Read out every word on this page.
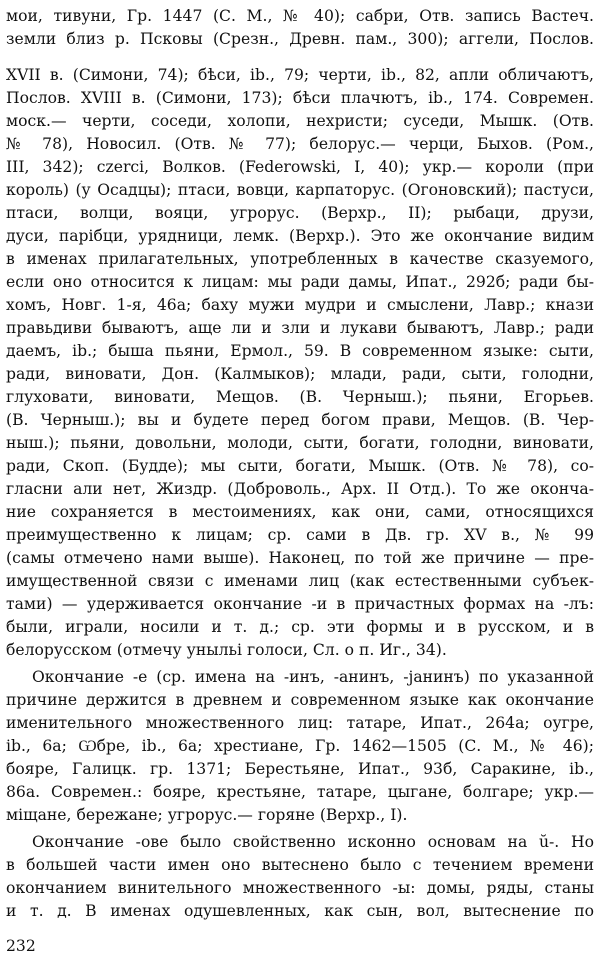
мои, тивуни, Гр. 1447 (С. М., № 40); сабри, Отв. запись Вастеч.
земли близ р. Псковы (Срезн., Древн. пам., 300); аггели, Послов.
XVII в. (Симони, 74); бѣси, ib., 79; черти, ib., 82, апли обличаютъ,
Послов. XVIII в. (Симони, 173); бѣси плачютъ, ib., 174. Современ.
моск.— черти, соседи, холопи, нехристи; суседи, Мышк. (Отв.
№ 78), Новосил. (Отв. № 77); белорус.— черци, Быхов. (Ром.,
III, 342); czerci, Волков. (Federowski, I, 40); укр.— короли (при
король) (у Осадцы); птаси, вовци, карпаторус. (Огоновский); пастуси,
птаси, волци, вояци, угрорус. (Верхр., II); рыбаци, друзи,
дуси, парібци, урядници, лемк. (Верхр.). Это же окончание видим
в именах прилагательных, употребленных в качестве сказуемого,
если оно относится к лицам: мы ради дамы, Ипат., 292б; ради бы-
хомъ, Новг. 1-я, 46а; баху мужи мудри и смыслени, Лавр.; кнази
правьдиви бываютъ, аще ли и зли и лукави бываютъ, Лавр.; ради
даемъ, ib.; быша пьяни, Ермол., 59. В современном языке: сыти,
ради, виновати, Дон. (Калмыков); млади, ради, сыти, голодни,
глуховати, виновати, Мещов. (В. Черныш.); пьяни, Егорьев.
(В. Черныш.); вы и будете перед богом прави, Мещов. (В. Чер-
ныш.); пьяни, довольни, молоди, сыти, богати, голодни, виновати,
ради, Скоп. (Будде); мы сыти, богати, Мышк. (Отв. № 78), со-
гласни али нет, Жиздр. (Доброволь., Арх. II Отд.). То же оконча-
ние сохраняется в местоимениях, как они, сами, относящихся
преимущественно к лицам; ср. сами в Дв. гр. XV в., № 99
(самы отмечено нами выше). Наконец, по той же причине — пре-
имущественной связи с именами лиц (как естественными субъек-
тами) — удерживается окончание -и в причастных формах на -лъ:
были, играли, носили и т. д.; ср. эти формы и в русском, и в
белорусском (отмечу уныльі голоси, Сл. о п. Иг., 34).
Окончание -е (ср. имена на -инъ, -анинъ, -јанинъ) по указанной
причине держится в древнем и современном языке как окончание
именительного множественного лиц: татаре, Ипат., 264а; оугре,
ib., 6а; Ѡбре, ib., 6а; хрестиане, Гр. 1462—1505 (С. М., № 46);
бояре, Галицк. гр. 1371; Берестьяне, Ипат., 93б, Саракине, ib.,
86а. Современ.: бояре, крестьяне, татаре, цыгане, болгаре; укр.—
міщане, бережане; угрорус.— горяне (Верхр., I).
Окончание -ове было свойственно исконно основам на ŭ-. Но
в большей части имен оно вытеснено было с течением времени
окончанием винительного множественного -ы: домы, ряды, станы
и т. д. В именах одушевленных, как сын, вол, вытеснение по
232
